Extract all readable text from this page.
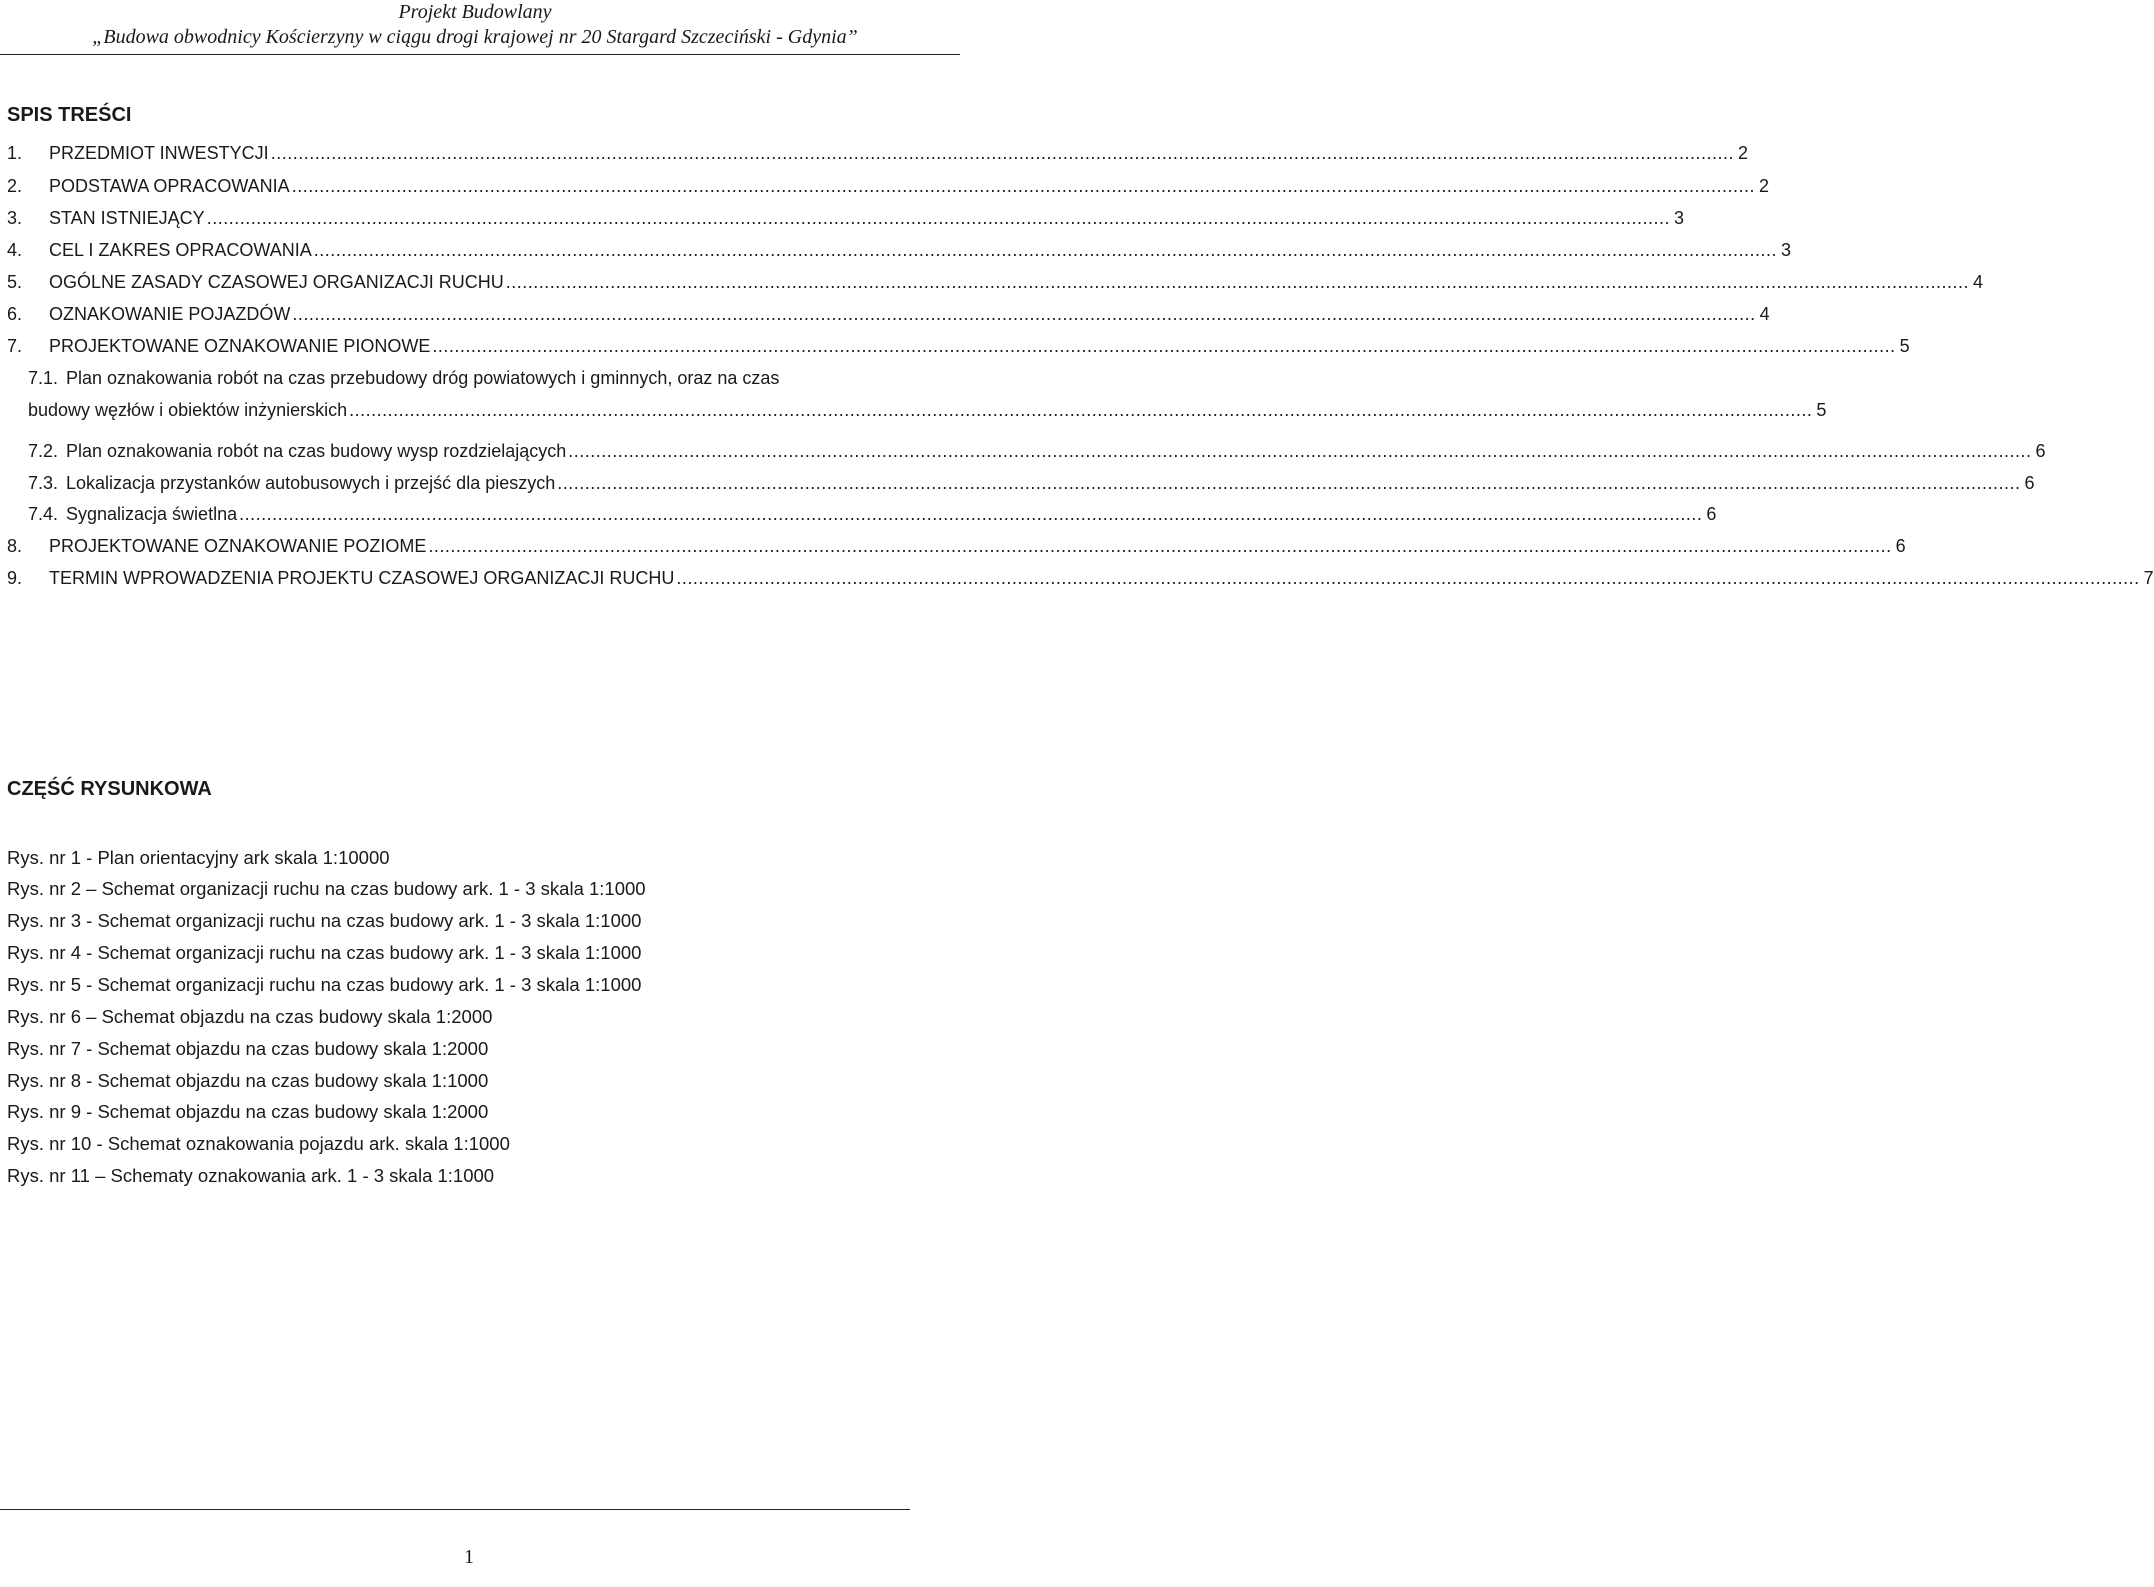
Projekt Budowlany
„Budowa obwodnicy Kościerzyny w ciągu drogi krajowej nr 20 Stargard Szczeciński - Gdynia”
SPIS TREŚCI
1.	PRZEDMIOT INWESTYCJI .....	2
2.	PODSTAWA OPRACOWANIA .....	2
3.	STAN ISTNIEJĄCY .....	3
4.	CEL I ZAKRES OPRACOWANIA .....	3
5.	OGÓLNE ZASADY CZASOWEJ ORGANIZACJI RUCHU .....	4
6.	OZNAKOWANIE POJAZDÓW .....	4
7.	PROJEKTOWANE OZNAKOWANIE PIONOWE .....	5
7.1. Plan oznakowania robót na czas przebudowy dróg powiatowych i gminnych, oraz na czas
budowy węzłów i obiektów inżynierskich .....	5
7.2. Plan oznakowania robót na czas budowy wysp rozdzielających .....	6
7.3. Lokalizacja przystanków autobusowych i przejść dla pieszych .....	6
7.4. Sygnalizacja świetlna .....	6
8.	PROJEKTOWANE OZNAKOWANIE POZIOME .....	6
9.	TERMIN WPROWADZENIA PROJEKTU CZASOWEJ ORGANIZACJI RUCHU .....	7
CZĘŚĆ RYSUNKOWA
Rys. nr 1 - Plan orientacyjny ark skala 1:10000
Rys. nr 2 – Schemat organizacji ruchu na czas budowy ark. 1 - 3 skala 1:1000
Rys. nr 3 - Schemat organizacji ruchu na czas budowy ark. 1 - 3 skala 1:1000
Rys. nr 4 - Schemat organizacji ruchu na czas budowy ark. 1 - 3 skala 1:1000
Rys. nr 5 - Schemat organizacji ruchu na czas budowy ark. 1 - 3 skala 1:1000
Rys. nr 6 – Schemat objazdu na czas budowy skala 1:2000
Rys. nr 7 - Schemat objazdu na czas budowy skala 1:2000
Rys. nr 8 - Schemat objazdu na czas budowy skala 1:1000
Rys. nr 9 - Schemat objazdu na czas budowy skala 1:2000
Rys. nr 10 - Schemat oznakowania pojazdu ark. skala 1:1000
Rys. nr 11 – Schematy oznakowania ark. 1 - 3 skala 1:1000
1
